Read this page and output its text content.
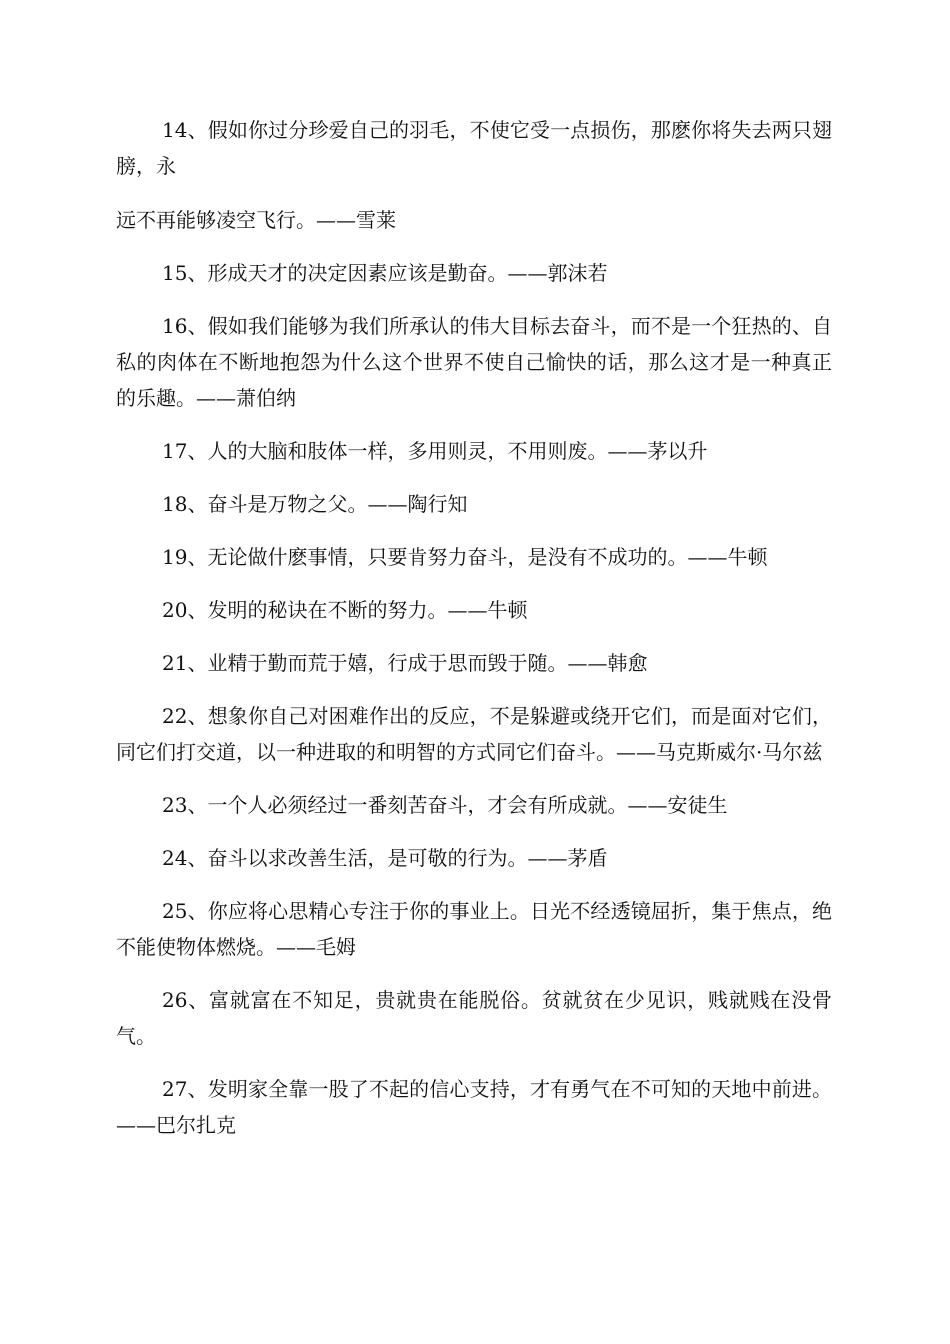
14、假如你过分珍爱自己的羽毛，不使它受一点损伤，那麽你将失去两只翅膀，永

远不再能够凌空飞行。——雪莱

15、形成天才的决定因素应该是勤奋。——郭沫若

16、假如我们能够为我们所承认的伟大目标去奋斗，而不是一个狂热的、自私的肉体在不断地抱怨为什么这个世界不使自己愉快的话，那么这才是一种真正的乐趣。——萧伯纳

17、人的大脑和肢体一样，多用则灵，不用则废。——茅以升

18、奋斗是万物之父。——陶行知

19、无论做什麽事情，只要肯努力奋斗，是没有不成功的。——牛顿

20、发明的秘诀在不断的努力。——牛顿

21、业精于勤而荒于嬉，行成于思而毁于随。——韩愈

22、想象你自己对困难作出的反应，不是躲避或绕开它们，而是面对它们，同它们打交道，以一种进取的和明智的方式同它们奋斗。——马克斯威尔·马尔兹

23、一个人必须经过一番刻苦奋斗，才会有所成就。——安徒生

24、奋斗以求改善生活，是可敬的行为。——茅盾

25、你应将心思精心专注于你的事业上。日光不经透镜屈折，集于焦点，绝不能使物体燃烧。——毛姆

26、富就富在不知足，贵就贵在能脱俗。贫就贫在少见识，贱就贱在没骨气。

27、发明家全靠一股了不起的信心支持，才有勇气在不可知的天地中前进。——巴尔扎克
